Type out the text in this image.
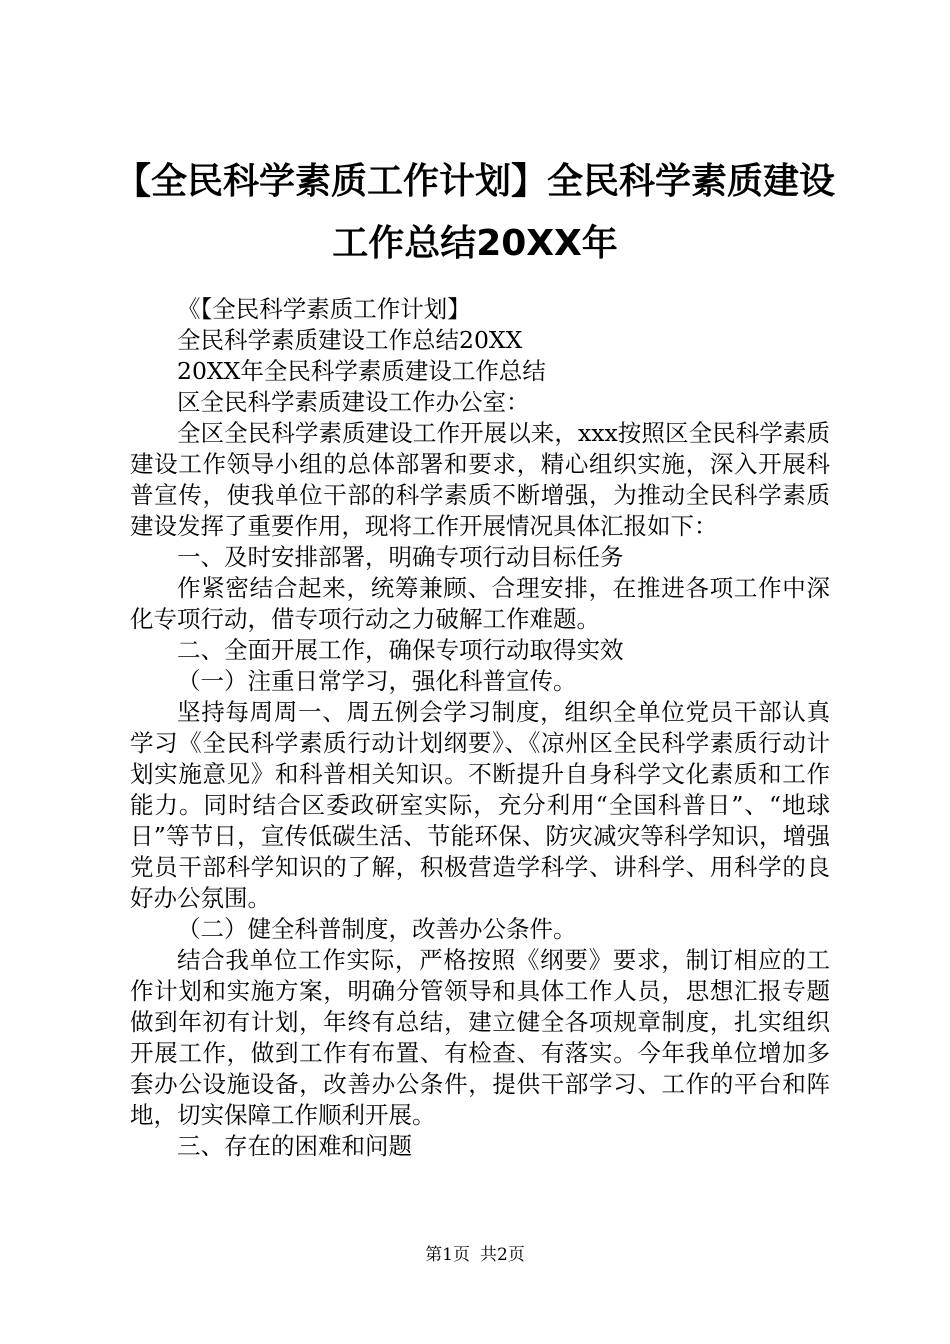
【全民科学素质工作计划】全民科学素质建设
工作总结20XX年

《【全民科学素质工作计划】

全民科学素质建设工作总结20XX

20XX年全民科学素质建设工作总结

区全民科学素质建设工作办公室：

全区全民科学素质建设工作开展以来，xxx按照区全民科学素质建设工作领导小组的总体部署和要求，精心组织实施，深入开展科普宣传，使我单位干部的科学素质不断增强，为推动全民科学素质建设发挥了重要作用，现将工作开展情况具体汇报如下：

一、及时安排部署，明确专项行动目标任务

作紧密结合起来，统筹兼顾、合理安排，在推进各项工作中深化专项行动，借专项行动之力破解工作难题。

二、全面开展工作，确保专项行动取得实效

（一）注重日常学习，强化科普宣传。

坚持每周周一、周五例会学习制度，组织全单位党员干部认真学习《全民科学素质行动计划纲要》、《凉州区全民科学素质行动计划实施意见》和科普相关知识。不断提升自身科学文化素质和工作能力。同时结合区委政研室实际，充分利用“全国科普日”、“地球日”等节日，宣传低碳生活、节能环保、防灾减灾等科学知识，增强党员干部科学知识的了解，积极营造学科学、讲科学、用科学的良好办公氛围。

（二）健全科普制度，改善办公条件。

结合我单位工作实际，严格按照《纲要》要求，制订相应的工作计划和实施方案，明确分管领导和具体工作人员，思想汇报专题做到年初有计划，年终有总结，建立健全各项规章制度，扎实组织开展工作，做到工作有布置、有检查、有落实。今年我单位增加多套办公设施设备，改善办公条件，提供干部学习、工作的平台和阵地，切实保障工作顺利开展。

三、存在的困难和问题

第1页 共2页
